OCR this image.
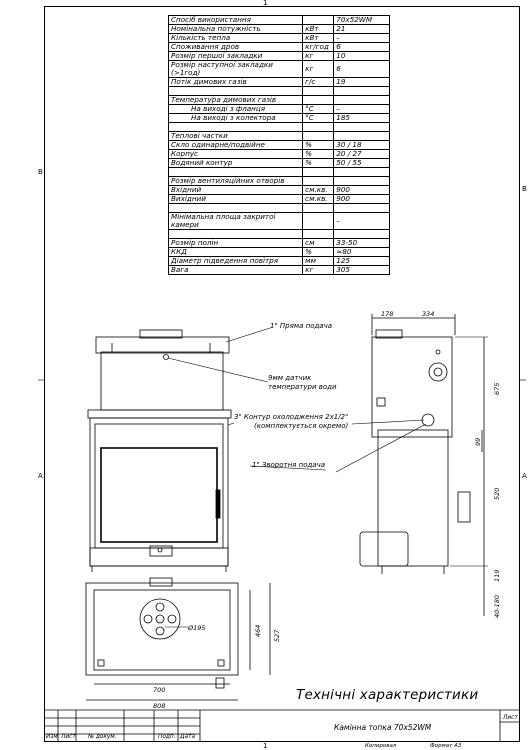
1
1
B
A
B
A
Спосіб використання		70x52WM
Номінальна потужність	кВт	21
Кількість тепла	кВт	–
Споживання дров	кг/год	6
Розмір першої закладки	кг	10
Розмір наступної закладки (>1год)	кг	6
Потік димових газів	г/с	19

Температура димових газів		
На виході з фланця	°С	–
На виході з колектора	°С	185

Теплові частки		
Скло одинарне/подвійне	%	30 / 18
Корпус	%	20 / 27
Водяний контур	%	50 / 55

Розмір вентиляційних отворів		
Вхідний	см.кв.	900
Вихідний	см.кв.	900

Мінімальна площа закритої камери		–

Розмір полін	см	33-50
ККД	%	≈80
Діаметр підведення повітря	мм	125
Вага	кг	305
1" Пряма подача
9мм датчик
температури води
3" Контур охолодження 2х1/2"
(комплектується окремо)
1" Зворотня подача
178	334
675
99
520
119
40-180
Ø195
700
808
464 527
Технічні характеристики
Камінна топка 70x52WM
Лист
Изм. Лист № докум.	Подп. Дата
Копировал	Формат А3
